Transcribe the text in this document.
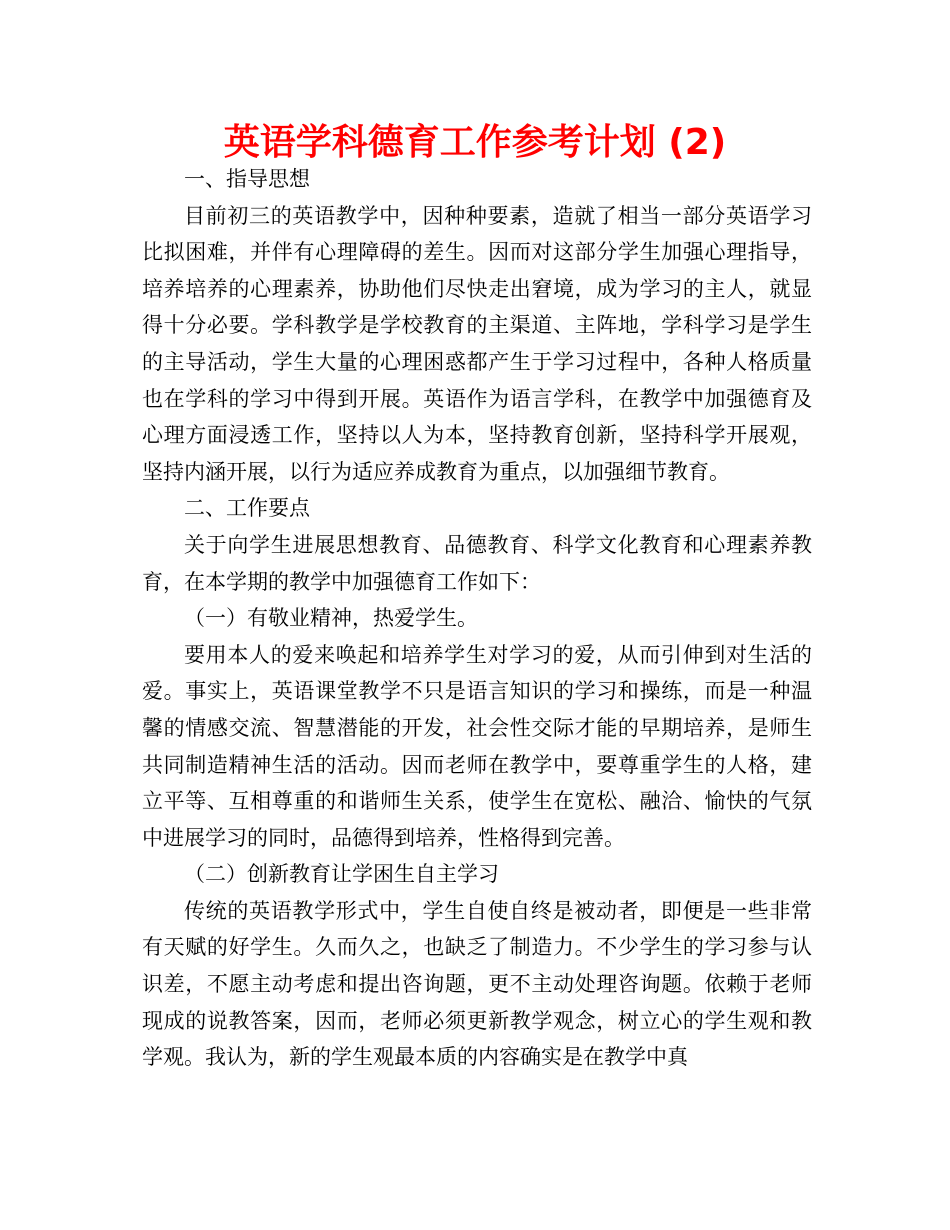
英语学科德育工作参考计划 (2)

一、指导思想

目前初三的英语教学中，因种种要素，造就了相当一部分英语学习比拟困难，并伴有心理障碍的差生。因而对这部分学生加强心理指导，培养培养的心理素养，协助他们尽快走出窘境，成为学习的主人，就显得十分必要。学科教学是学校教育的主渠道、主阵地，学科学习是学生的主导活动，学生大量的心理困惑都产生于学习过程中，各种人格质量也在学科的学习中得到开展。英语作为语言学科，在教学中加强德育及心理方面浸透工作，坚持以人为本，坚持教育创新，坚持科学开展观，坚持内涵开展，以行为适应养成教育为重点，以加强细节教育。

二、工作要点

关于向学生进展思想教育、品德教育、科学文化教育和心理素养教育，在本学期的教学中加强德育工作如下：

（一）有敬业精神，热爱学生。

要用本人的爱来唤起和培养学生对学习的爱，从而引伸到对生活的爱。事实上，英语课堂教学不只是语言知识的学习和操练，而是一种温馨的情感交流、智慧潜能的开发，社会性交际才能的早期培养，是师生共同制造精神生活的活动。因而老师在教学中，要尊重学生的人格，建立平等、互相尊重的和谐师生关系，使学生在宽松、融洽、愉快的气氛中进展学习的同时，品德得到培养，性格得到完善。

（二）创新教育让学困生自主学习

传统的英语教学形式中，学生自使自终是被动者，即便是一些非常有天赋的好学生。久而久之，也缺乏了制造力。不少学生的学习参与认识差，不愿主动考虑和提出咨询题，更不主动处理咨询题。依赖于老师现成的说教答案，因而，老师必须更新教学观念，树立心的学生观和教学观。我认为，新的学生观最本质的内容确实是在教学中真
